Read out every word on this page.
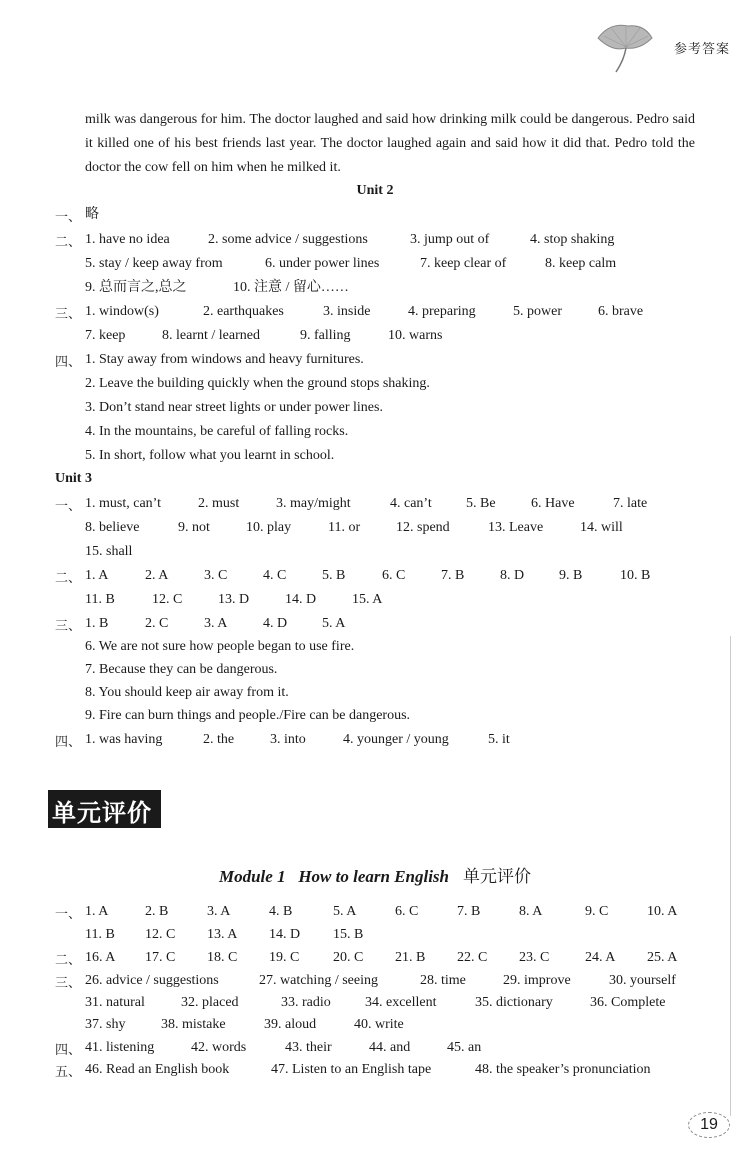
参考答案
milk was dangerous for him. The doctor laughed and said how drinking milk could be dangerous. Pedro said it killed one of his best friends last year. The doctor laughed again and said how it did that. Pedro told the doctor the cow fell on him when he milked it.
Unit 2
一、 略
二、 1. have no idea	2. some advice / suggestions	3. jump out of	4. stop shaking
5. stay / keep away from	6. under power lines	7. keep clear of	8. keep calm
9. 总而言之,总之	10. 注意 / 留心……
三、 1. window(s)	2. earthquakes	3. inside	4. preparing	5. power	6. brave
7. keep	8. learnt / learned	9. falling	10. warns
四、 1. Stay away from windows and heavy furnitures.
2. Leave the building quickly when the ground stops shaking.
3. Don’t stand near street lights or under power lines.
4. In the mountains, be careful of falling rocks.
5. In short, follow what you learnt in school.
Unit 3
一、 1. must, can’t	2. must	3. may/might	4. can’t 5. Be	6. Have	7. late
8. believe	9. not	10. play	11. or	12. spend	13. Leave	14. will
15. shall
二、 1. A	2. A	3. C	4. C	5. B	6. C	7. B	8. D 9. B	10. B
11. B	12. C	13. D	14. D	15. A
三、 1. B	2. C	3. A	4. D 5. A
6. We are not sure how people began to use fire.
7. Because they can be dangerous.
8. You should keep air away from it.
9. Fire can burn things and people./Fire can be dangerous.
四、 1. was having	2. the	3. into	4. younger / young	5. it
单元评价
Module 1   How to learn English 单元评价
一、 1. A	2. B	3. A	4. B	5. A	6. C	7. B	8. A	9. C	10. A
11. B 12. C 13. A 14. D 15. B
二、 16. A 17. C 18. C 19. C 20. C 21. B 22. C 23. C	24. A 25. A
三、 26. advice / suggestions	27. watching / seeing	28. time	29. improve	30. yourself
31. natural	32. placed	33. radio 34. excellent	35. dictionary	36. Complete
37. shy	38. mistake	39. aloud	40. write
四、 41. listening	42. words	43. their	44. and	45. an
五、 46. Read an English book	47. Listen to an English tape	48. the speaker’s pronunciation
19
